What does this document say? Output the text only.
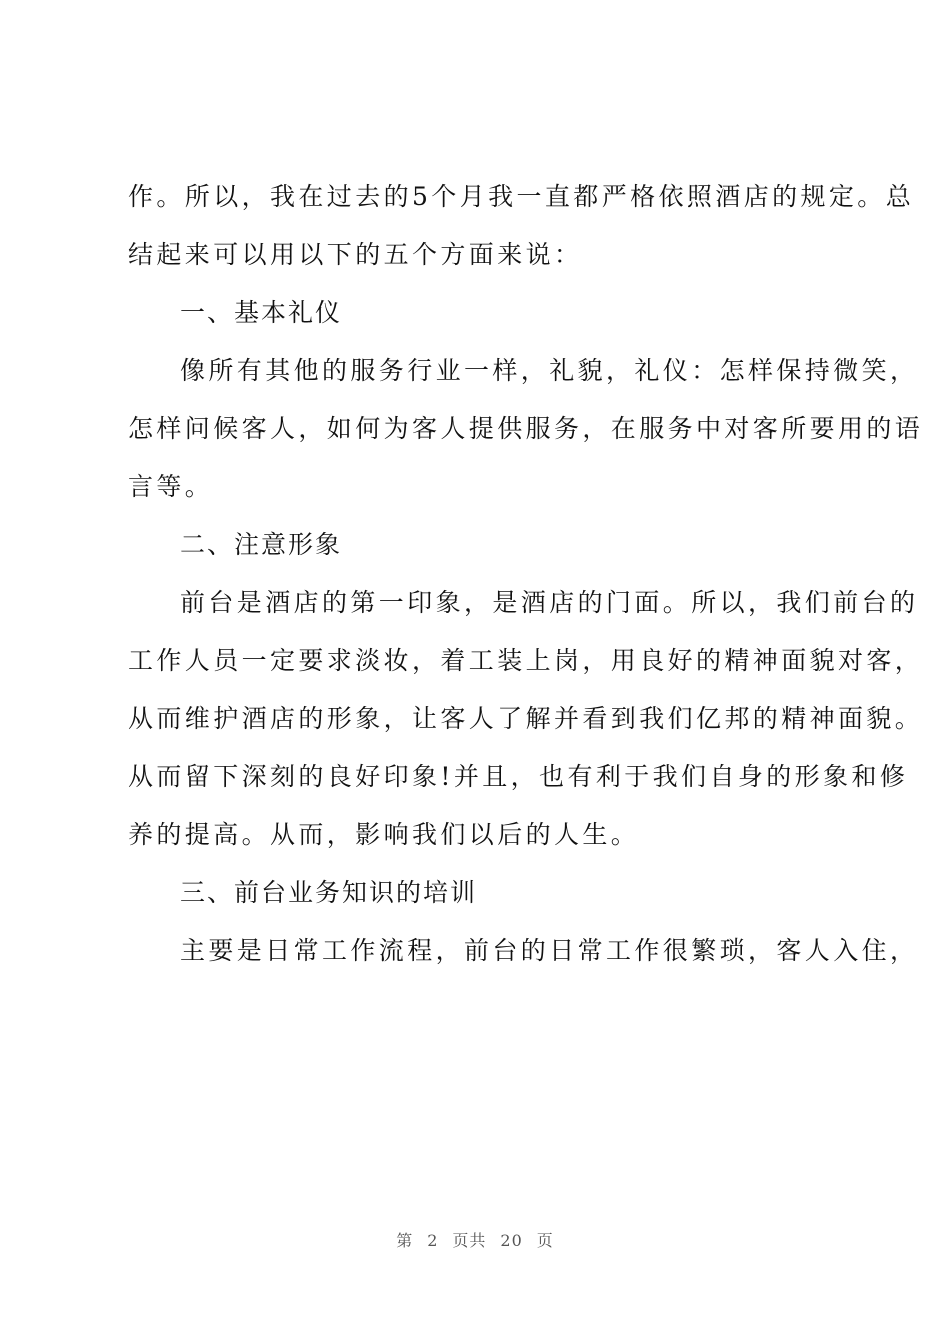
作。所以，我在过去的5个月我一直都严格依照酒店的规定。总
结起来可以用以下的五个方面来说：
一、基本礼仪
像所有其他的服务行业一样，礼貌，礼仪：怎样保持微笑，
怎样问候客人，如何为客人提供服务，在服务中对客所要用的语
言等。
二、注意形象
前台是酒店的第一印象，是酒店的门面。所以，我们前台的
工作人员一定要求淡妆，着工装上岗，用良好的精神面貌对客，
从而维护酒店的形象，让客人了解并看到我们亿邦的精神面貌。
从而留下深刻的良好印象!并且，也有利于我们自身的形象和修
养的提高。从而，影响我们以后的人生。
三、前台业务知识的培训
主要是日常工作流程，前台的日常工作很繁琐，客人入住，
第 2 页共 20 页
